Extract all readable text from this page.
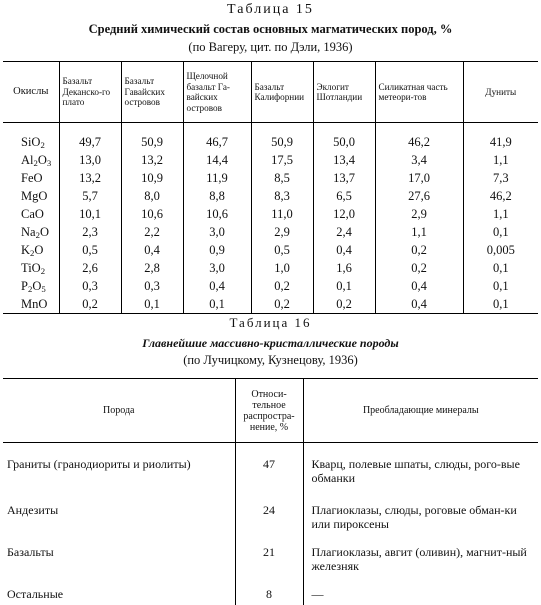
Таблица 15
Средний химический состав основных магматических пород, %
(по Вагеру, цит. по Дэли, 1936)
Окислы	Базальт Деканско-го плато	Базальт Гавайских островов	Щелочной базальт Га-вайских островов	Базальт Калифорнии	Эклогит Шотландии	Силикатная часть метеори-тов	Дуниты
SiO$_2$	49,7	50,9	46,7	50,9	50,0	46,2	41,9
$Al_2O_3$	13,0	13,2	14,4	17,5	13,4	3,4	1,1
FeO	13,2	10,9	11,9	8,5	13,7	17,0	7,3
MgO	5,7	8,0	8,8	8,3	6,5	27,6	46,2
CaO	10,1	10,6	10,6	11,0	12,0	2,9	1,1
$Na_2O$	2,3	2,2	3,0	2,9	2,4	1,1	0,1
$K_2O$	0,5	0,4	0,9	0,5	0,4	0,2	0,005
TiO$_2$	2,6	2,8	3,0	1,0	1,6	0,2	0,1
$P_2O_5$	0,3	0,3	0,4	0,2	0,1	0,4	0,1
MnO	0,2	0,1	0,1	0,2	0,2	0,4	0,1
Таблица 16
Главнейшие массивно-кристаллические породы
(по Лучицкому, Кузнецову, 1936)
Порода	Относи-тельное распростра-нение, %	Преобладающие минералы
Граниты (гранодиориты и риолиты)	47	Кварц, полевые шпаты, слюды, рого-вые обманки
Андезиты	24	Плагиоклазы, слюды, роговые обман-ки или пироксены
Базальты	21	Плагиоклазы, авгит (оливин), магнит-ный железняк
Остальные	8	—
